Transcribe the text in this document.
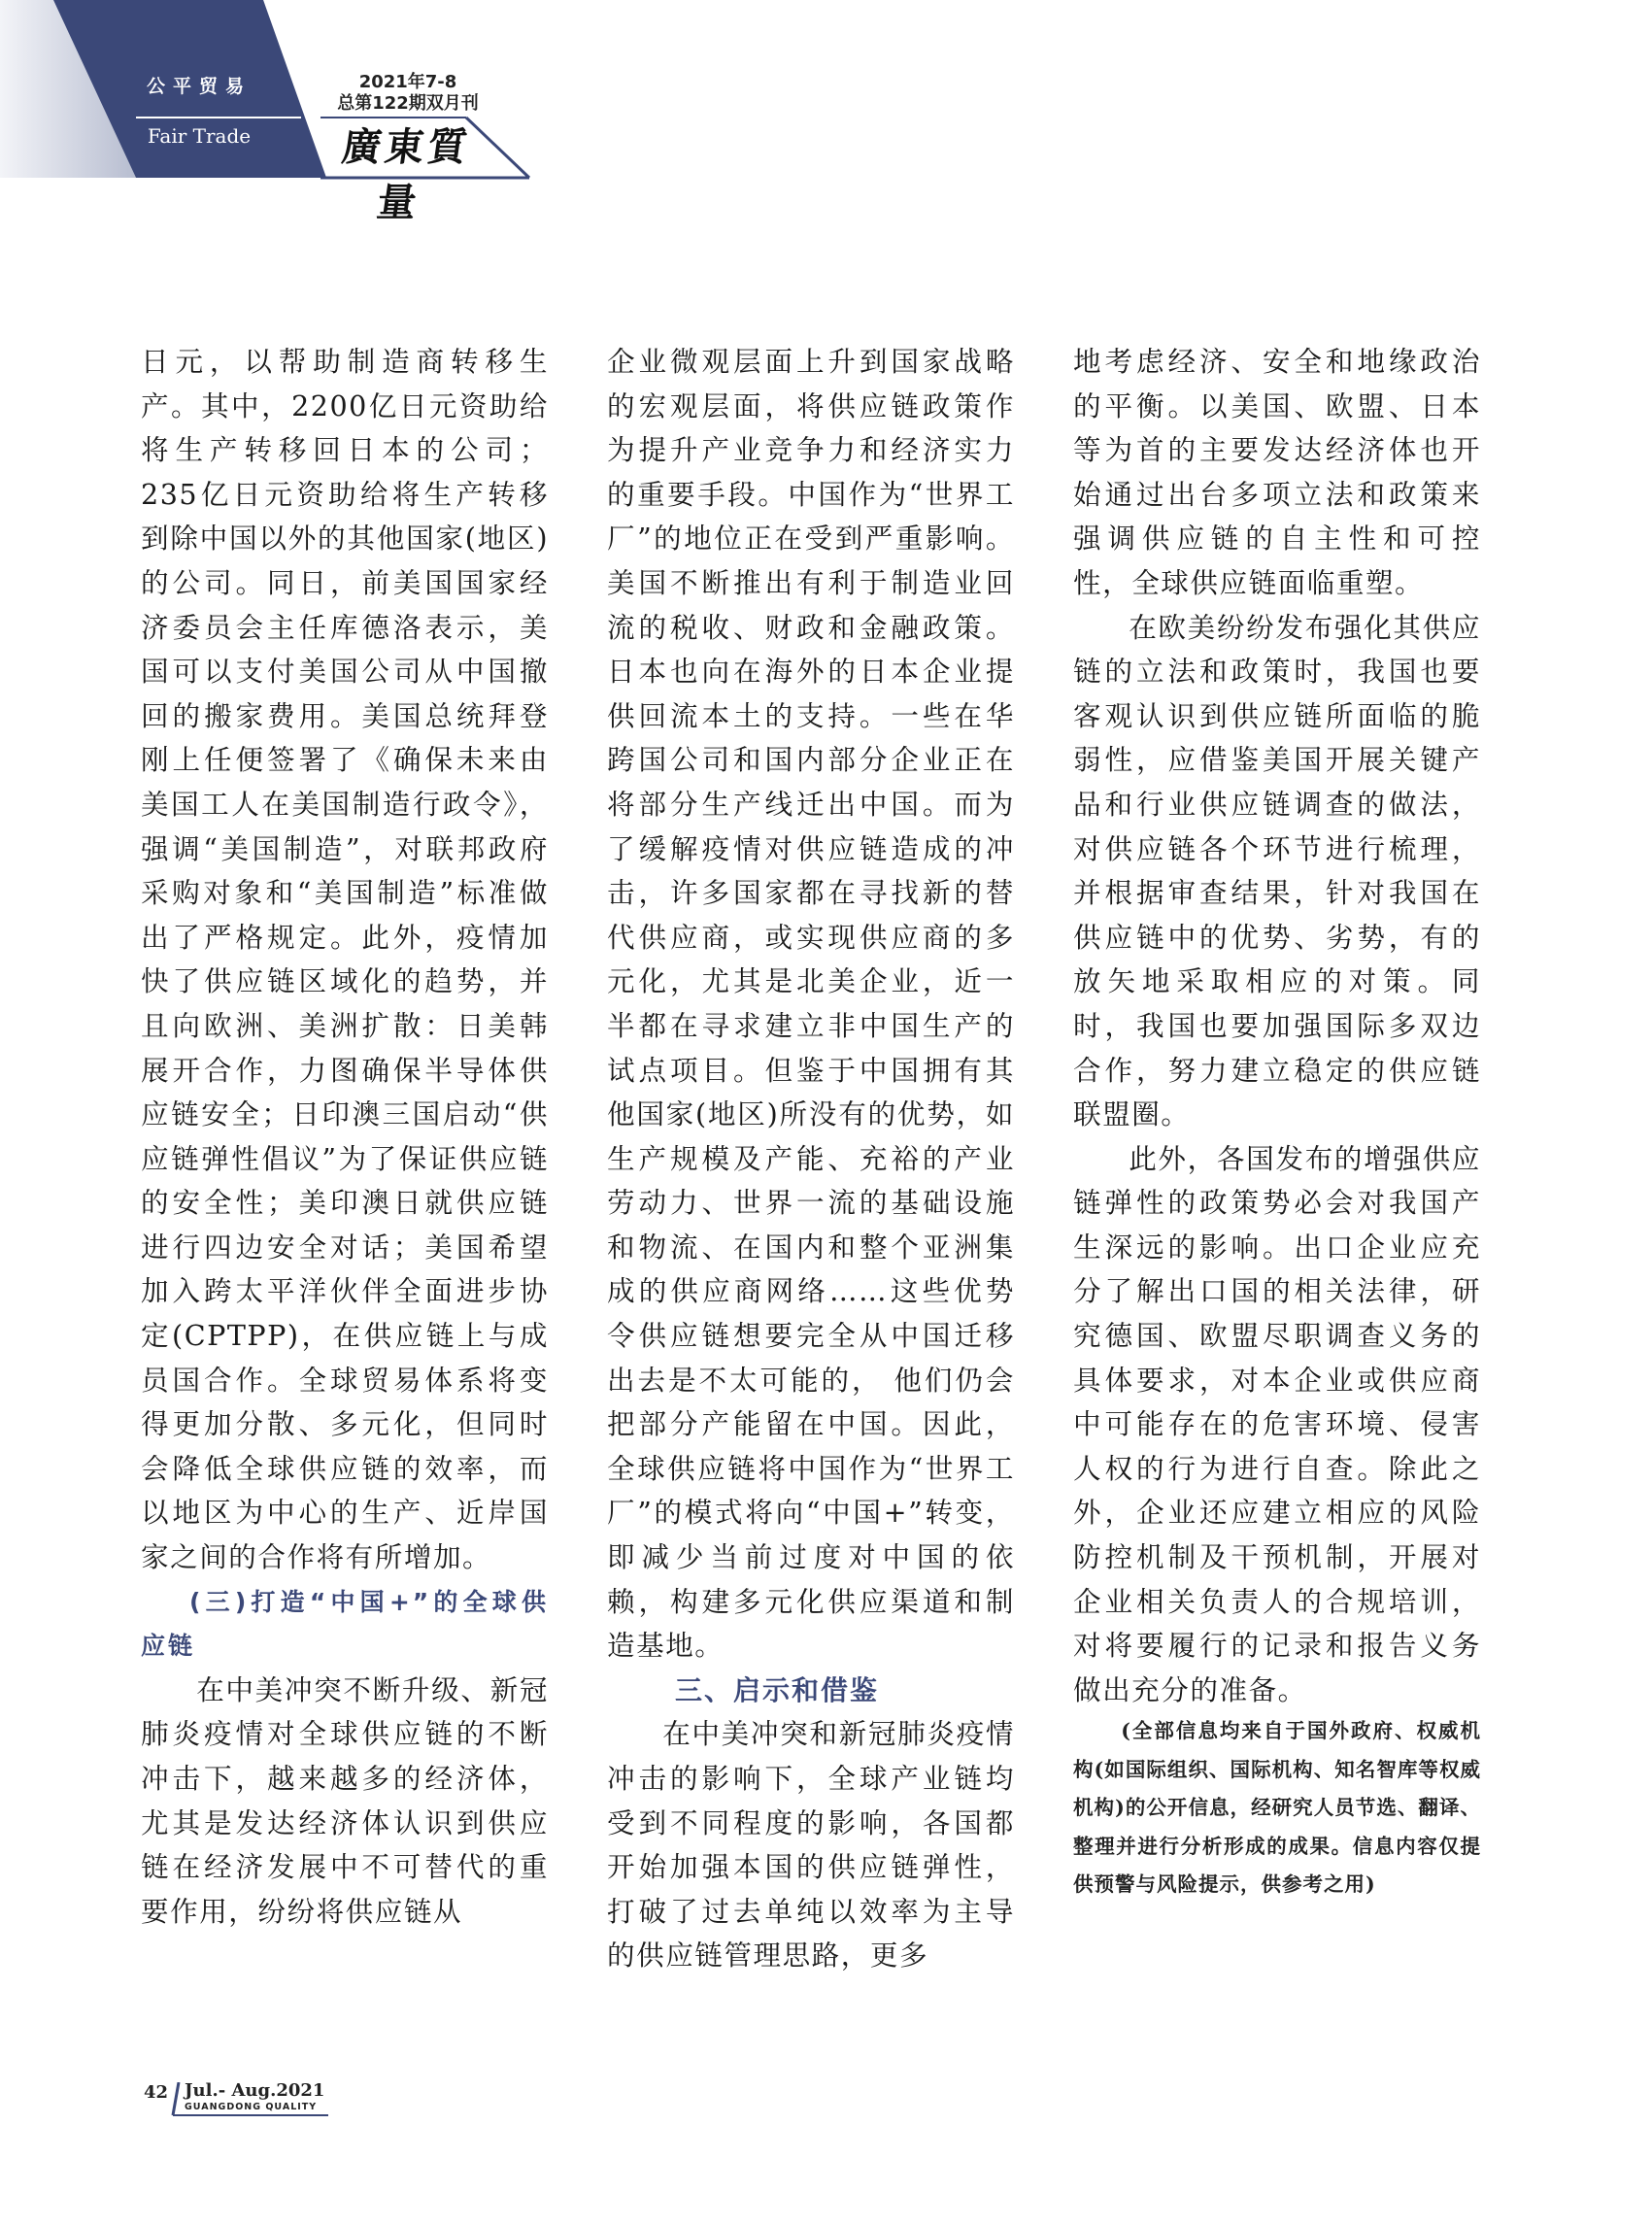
公平贸易
Fair Trade
2021年7-8
总第122期双月刊
廣東質量

日元，以帮助制造商转移生产。其中，2200亿日元资助给将生产转移回日本的公司；235亿日元资助给将生产转移到除中国以外的其他国家(地区)的公司。同日，前美国国家经济委员会主任库德洛表示，美国可以支付美国公司从中国撤回的搬家费用。美国总统拜登刚上任便签署了《确保未来由美国工人在美国制造行政令》，强调“美国制造”，对联邦政府采购对象和“美国制造”标准做出了严格规定。此外，疫情加快了供应链区域化的趋势，并且向欧洲、美洲扩散：日美韩展开合作，力图确保半导体供应链安全；日印澳三国启动“供应链弹性倡议”为了保证供应链的安全性；美印澳日就供应链进行四边安全对话；美国希望加入跨太平洋伙伴全面进步协定(CPTPP)，在供应链上与成员国合作。全球贸易体系将变得更加分散、多元化，但同时会降低全球供应链的效率，而以地区为中心的生产、近岸国家之间的合作将有所增加。

(三)打造“中国+”的全球供应链

在中美冲突不断升级、新冠肺炎疫情对全球供应链的不断冲击下，越来越多的经济体，尤其是发达经济体认识到供应链在经济发展中不可替代的重要作用，纷纷将供应链从

企业微观层面上升到国家战略的宏观层面，将供应链政策作为提升产业竞争力和经济实力的重要手段。中国作为“世界工厂”的地位正在受到严重影响。美国不断推出有利于制造业回流的税收、财政和金融政策。日本也向在海外的日本企业提供回流本土的支持。一些在华跨国公司和国内部分企业正在将部分生产线迁出中国。而为了缓解疫情对供应链造成的冲击，许多国家都在寻找新的替代供应商，或实现供应商的多元化，尤其是北美企业，近一半都在寻求建立非中国生产的试点项目。但鉴于中国拥有其他国家(地区)所没有的优势，如生产规模及产能、充裕的产业劳动力、世界一流的基础设施和物流、在国内和整个亚洲集成的供应商网络……这些优势令供应链想要完全从中国迁移出去是不太可能的， 他们仍会把部分产能留在中国。因此，全球供应链将中国作为“世界工厂”的模式将向“中国+”转变，即减少当前过度对中国的依赖，构建多元化供应渠道和制造基地。

三、启示和借鉴

在中美冲突和新冠肺炎疫情冲击的影响下，全球产业链均受到不同程度的影响，各国都开始加强本国的供应链弹性，打破了过去单纯以效率为主导的供应链管理思路，更多

地考虑经济、安全和地缘政治的平衡。以美国、欧盟、日本等为首的主要发达经济体也开始通过出台多项立法和政策来强调供应链的自主性和可控性，全球供应链面临重塑。

在欧美纷纷发布强化其供应链的立法和政策时，我国也要客观认识到供应链所面临的脆弱性，应借鉴美国开展关键产品和行业供应链调查的做法，对供应链各个环节进行梳理，并根据审查结果，针对我国在供应链中的优势、劣势，有的放矢地采取相应的对策。同时，我国也要加强国际多双边合作，努力建立稳定的供应链联盟圈。

此外，各国发布的增强供应链弹性的政策势必会对我国产生深远的影响。出口企业应充分了解出口国的相关法律，研究德国、欧盟尽职调查义务的具体要求，对本企业或供应商中可能存在的危害环境、侵害人权的行为进行自查。除此之外，企业还应建立相应的风险防控机制及干预机制，开展对企业相关负责人的合规培训，对将要履行的记录和报告义务做出充分的准备。

(全部信息均来自于国外政府、权威机构(如国际组织、国际机构、知名智库等权威机构)的公开信息，经研究人员节选、翻译、整理并进行分析形成的成果。信息内容仅提供预警与风险提示，供参考之用)

42 Jul.- Aug.2021
GUANGDONG QUALITY
